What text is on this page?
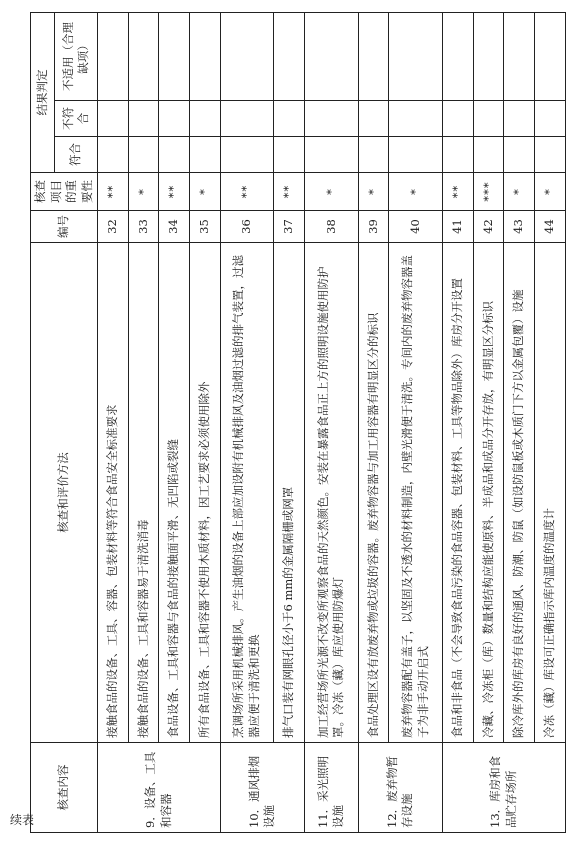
续表
核查内容	核查和评价方法	编号	核查项目的重要性	结果判定		
				符合	不符合	不适用（合理缺项）
9．设备、工具和容器	接触食品的设备、工具、容器、包装材料等符合食品安全标准要求	32	**			
	接触食品的设备、工具和容器易于清洗消毒	33	*			
	食品设备、工具和容器与食品的接触面平滑、无凹陷或裂缝	34	**			
	所有食品设备、工具和容器不使用木质材料，因工艺要求必须使用除外	35	*			
10．通风排烟设施	烹调场所采用机械排风。产生油烟的设备上部应加设附有机械排风及油烟过滤的排气装置，过滤器应便于清洗和更换	36	**			
	排气口装有网眼孔径小于6 mm的金属隔栅或网罩	37	**			
11．采光照明设施	加工经营场所光源不改变所观察食品的天然颜色。安装在暴露食品正上方的照明设施使用防护罩。冷冻（藏）库应使用防爆灯	38	*			
12．废弃物暂存设施	食品处理区设有放废弃物或垃圾的容器。废弃物容器与加工用容器有明显区分的标识	39	*			
	废弃物容器配有盖子，以坚固及不透水的材料制造，内壁光滑便于清洗。专间内的废弃物容器盖子为非手动开启式	40	*			
13．库房和食品贮存场所	食品和非食品（不会导致食品污染的食品容器、包装材料、工具等物品除外）库房分开设置	41	**			
	冷藏、冷冻柜（库）数量和结构应能使原料、半成品和成品分开存放，有明显区分标识	42	***			
	除冷库外的库房有良好的通风、防潮、防鼠（如设防鼠板或木质门下方以金属包覆）设施	43	*			
	冷冻（藏）库设可正确指示库内温度的温度计	44	*			
